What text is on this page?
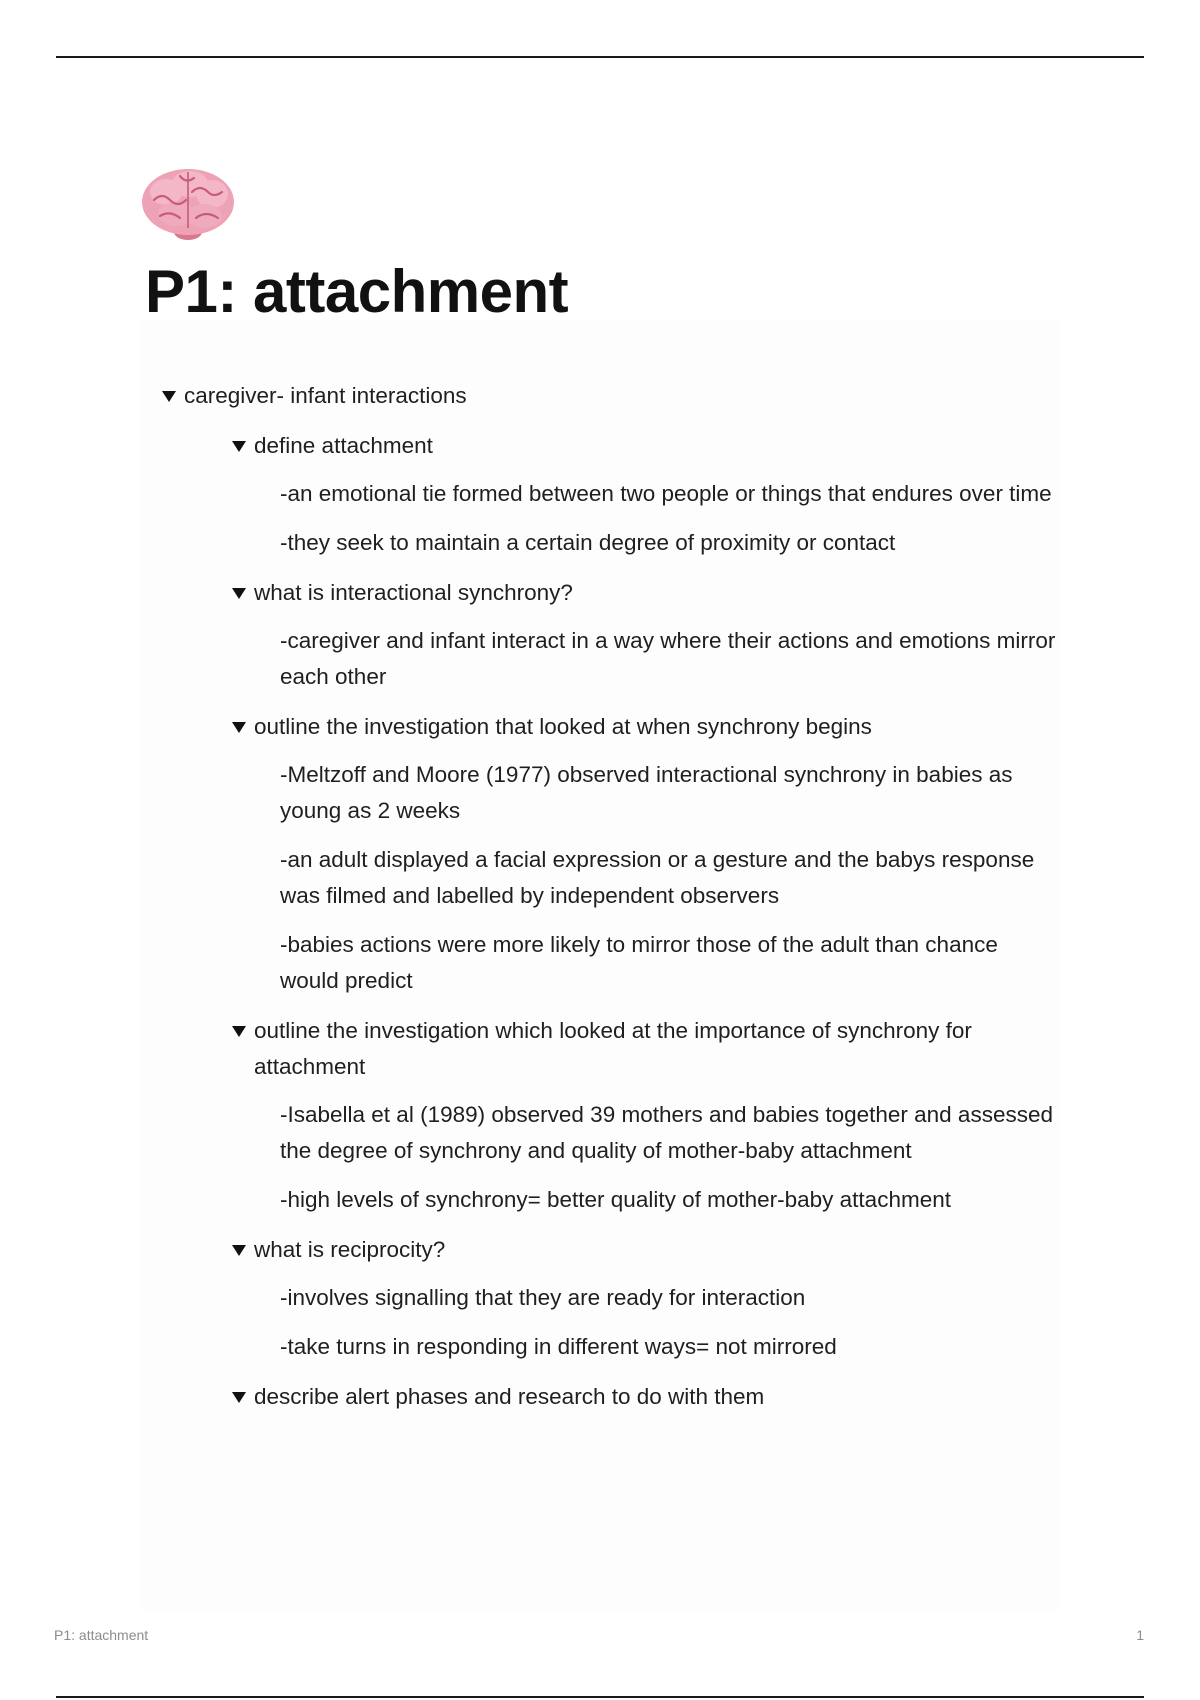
P1: attachment
caregiver- infant interactions
define attachment
-an emotional tie formed between two people or things that endures over time
-they seek to maintain a certain degree of proximity or contact
what is interactional synchrony?
-caregiver and infant interact in a way where their actions and emotions mirror each other
outline the investigation that looked at when synchrony begins
-Meltzoff and Moore (1977) observed interactional synchrony in babies as young as 2 weeks
-an adult displayed a facial expression or a gesture and the babys response was filmed and labelled by independent observers
-babies actions were more likely to mirror those of the adult than chance would predict
outline the investigation which looked at the importance of synchrony for attachment
-Isabella et al (1989) observed 39 mothers and babies together and assessed the degree of synchrony and quality of mother-baby attachment
-high levels of synchrony= better quality of mother-baby attachment
what is reciprocity?
-involves signalling that they are ready for interaction
-take turns in responding in different ways= not mirrored
describe alert phases and research to do with them
P1: attachment	1
